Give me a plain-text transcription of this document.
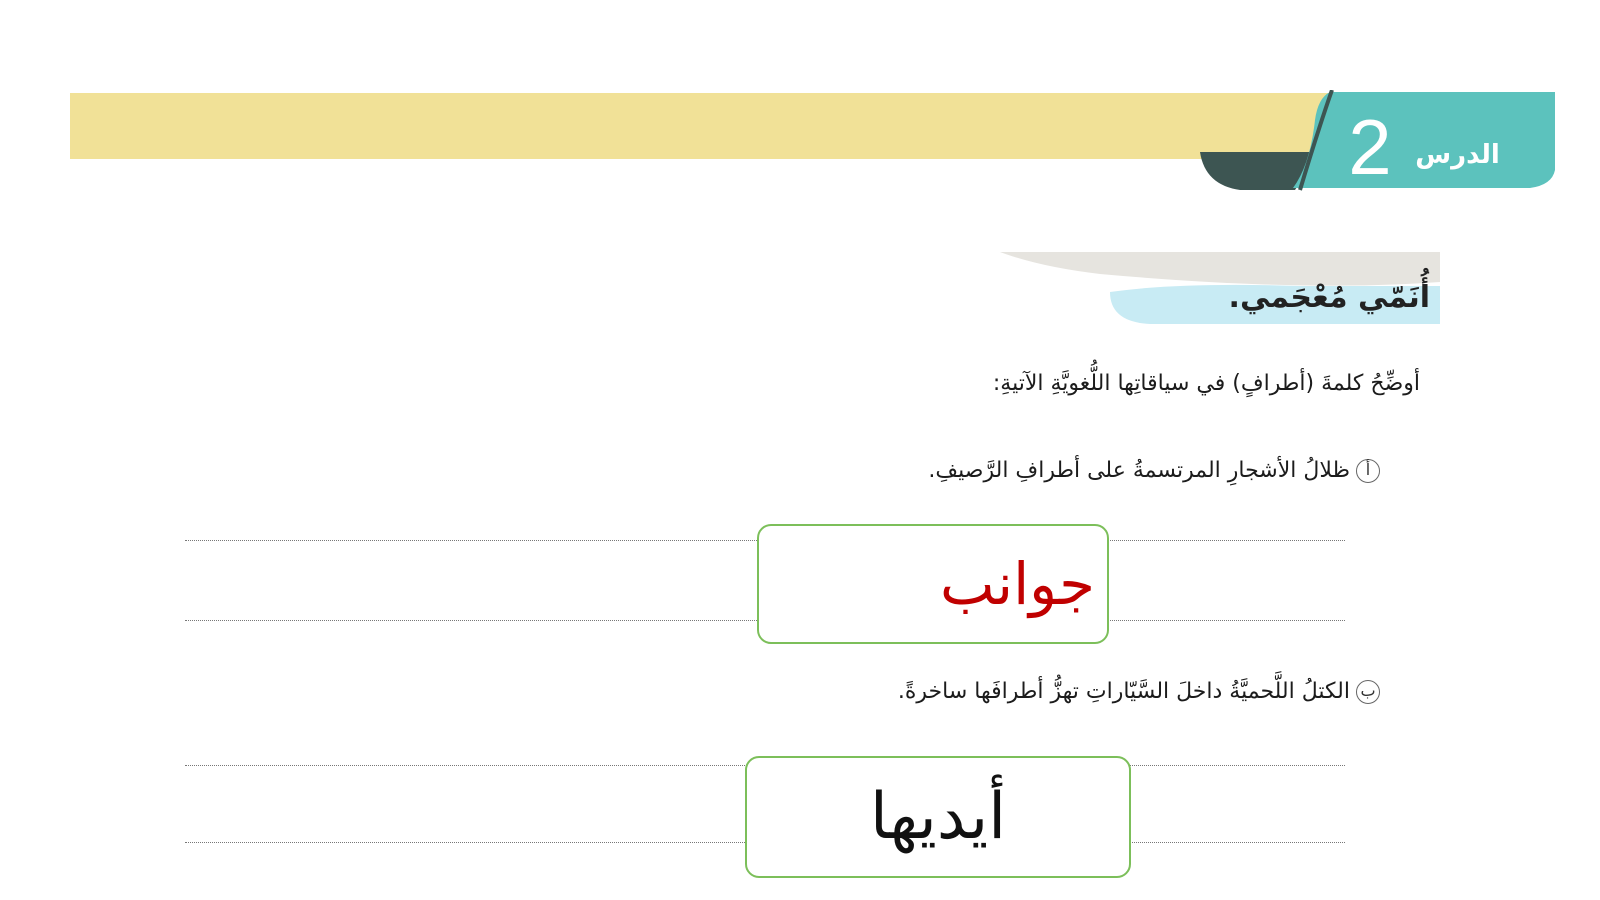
2 الدرس
أُنَمّي مُعْجَمي.
أوضِّحُ كلمةَ (أطرافٍ) في سياقاتِها اللُّغويَّةِ الآتيةِ:
أظلالُ الأشجارِ المرتسمةُ على أطرافِ الرَّصيفِ.
جوانب
بالكتلُ اللَّحميَّةُ داخلَ السَّيّاراتِ تهزُّ أطرافَها ساخرةً.
أيديها
